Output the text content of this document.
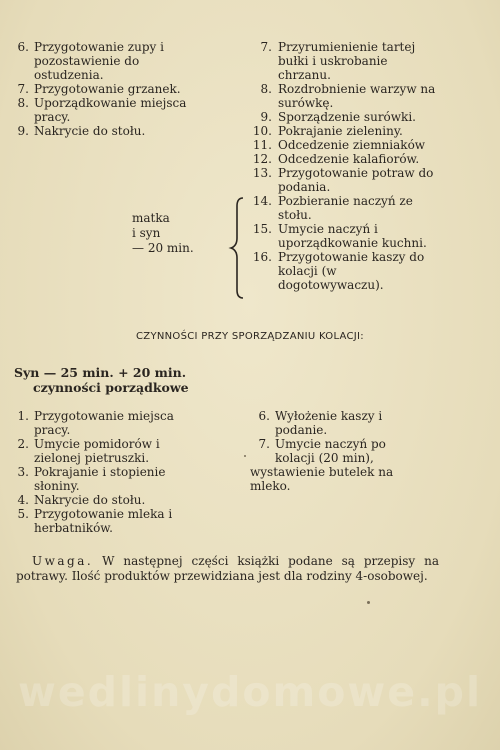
6. Przygotowanie zupy i pozostawienie do ostudzenia.
7. Przygotowanie grzanek.
8. Uporządkowanie miejsca pracy.
9. Nakrycie do stołu.
7. Przyrumienienie tartej bułki i uskrobanie chrzanu.
8. Rozdrobnienie warzyw na surówkę.
9. Sporządzenie surówki.
10. Pokrajanie zieleniny.
11. Odcedzenie ziemniaków
12. Odcedzenie kalafiorów.
13. Przygotowanie potraw do podania.
14. Pozbieranie naczyń ze stołu.
15. Umycie naczyń i uporządkowanie kuchni.
16. Przygotowanie kaszy do kolacji (w dogotowywaczu).
matka
i syn
— 20 min.
CZYNNOŚCI PRZY SPORZĄDZANIU KOLACJI:
Syn — 25 min. + 20 min.
czynności porządkowe
1. Przygotowanie miejsca pracy.
2. Umycie pomidorów i zielonej pietruszki.
3. Pokrajanie i stopienie słoniny.
4. Nakrycie do stołu.
5. Przygotowanie mleka i herbatników.
6. Wyłożenie kaszy i podanie.
7. Umycie naczyń po kolacji (20 min),
wystawienie butelek na mleko.

Uwaga. W następnej części książki podane są przepisy na potrawy. Ilość produktów przewidziana jest dla rodziny 4-osobowej.

wedlinydomowe.pl
